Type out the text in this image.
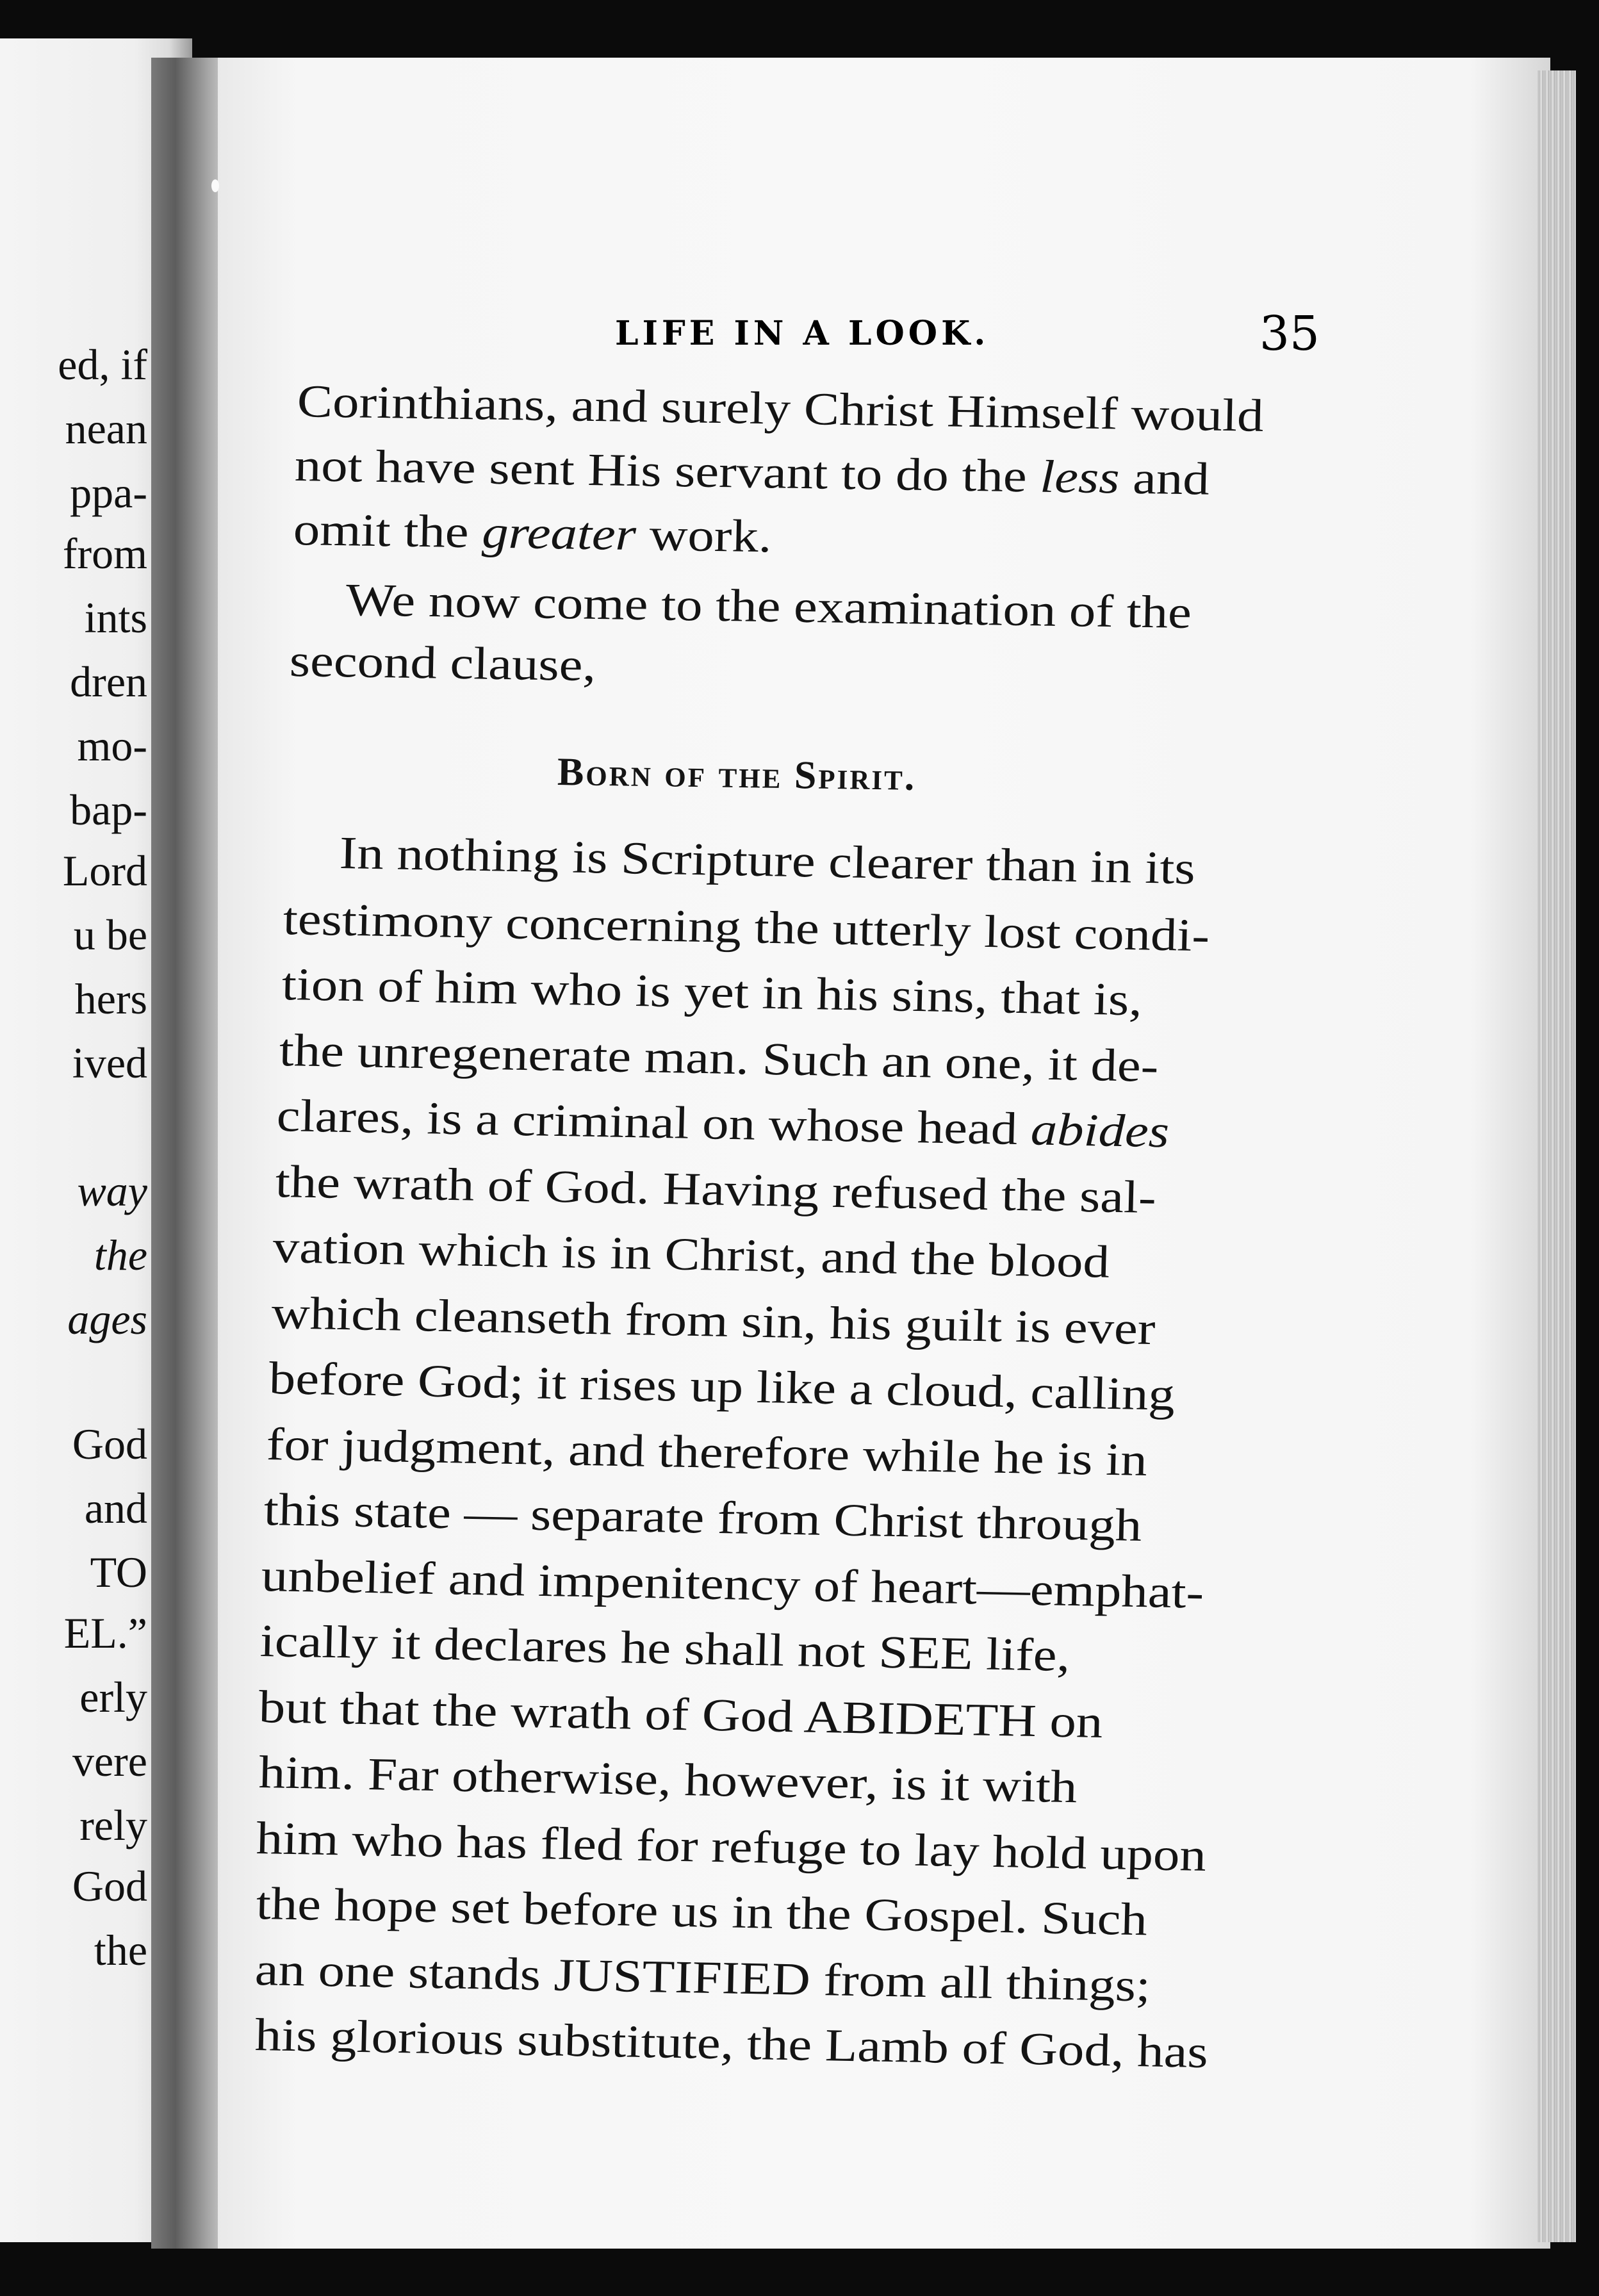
ed, if
nean
ppa-
from
ints
dren
mo-
bap-
Lord
u be
hers
ived
way
the
ages
God
and
TO
EL.”
erly
vere
rely
God
the
LIFE IN A LOOK.	35
Corinthians, and surely Christ Himself would
not have sent His servant to do the less and
omit the greater work.
We now come to the examination of the
second clause,
Born of the Spirit.
In nothing is Scripture clearer than in its
testimony concerning the utterly lost condi-
tion of him who is yet in his sins, that is,
the unregenerate man. Such an one, it de-
clares, is a criminal on whose head abides
the wrath of God. Having refused the sal-
vation which is in Christ, and the blood
which cleanseth from sin, his guilt is ever
before God; it rises up like a cloud, calling
for judgment, and therefore while he is in
this state — separate from Christ through
unbelief and impenitency of heart—emphat-
ically it declares he shall not SEE life,
but that the wrath of God ABIDETH on
him. Far otherwise, however, is it with
him who has fled for refuge to lay hold upon
the hope set before us in the Gospel. Such
an one stands JUSTIFIED from all things;
his glorious substitute, the Lamb of God, has
